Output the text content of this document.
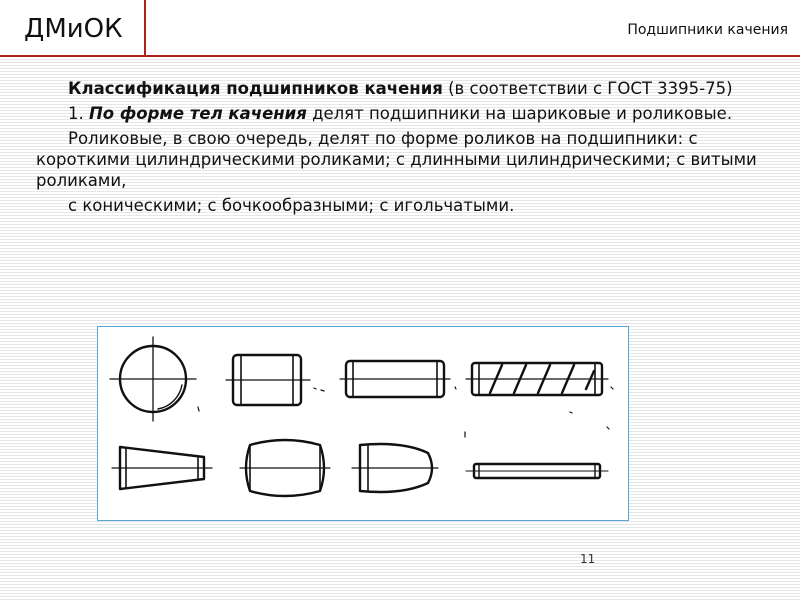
ДМиОК	Подшипники качения

Классификация подшипников качения (в соответствии с ГОСТ 3395-75)

1. По форме тел качения делят подшипники на шариковые и роликовые.

Роликовые, в свою очередь, делят по форме роликов на подшипники: с короткими цилиндрическими роликами; с длинными цилиндрическими; с витыми роликами,

с коническими; с бочкообразными; с игольчатыми.

11
